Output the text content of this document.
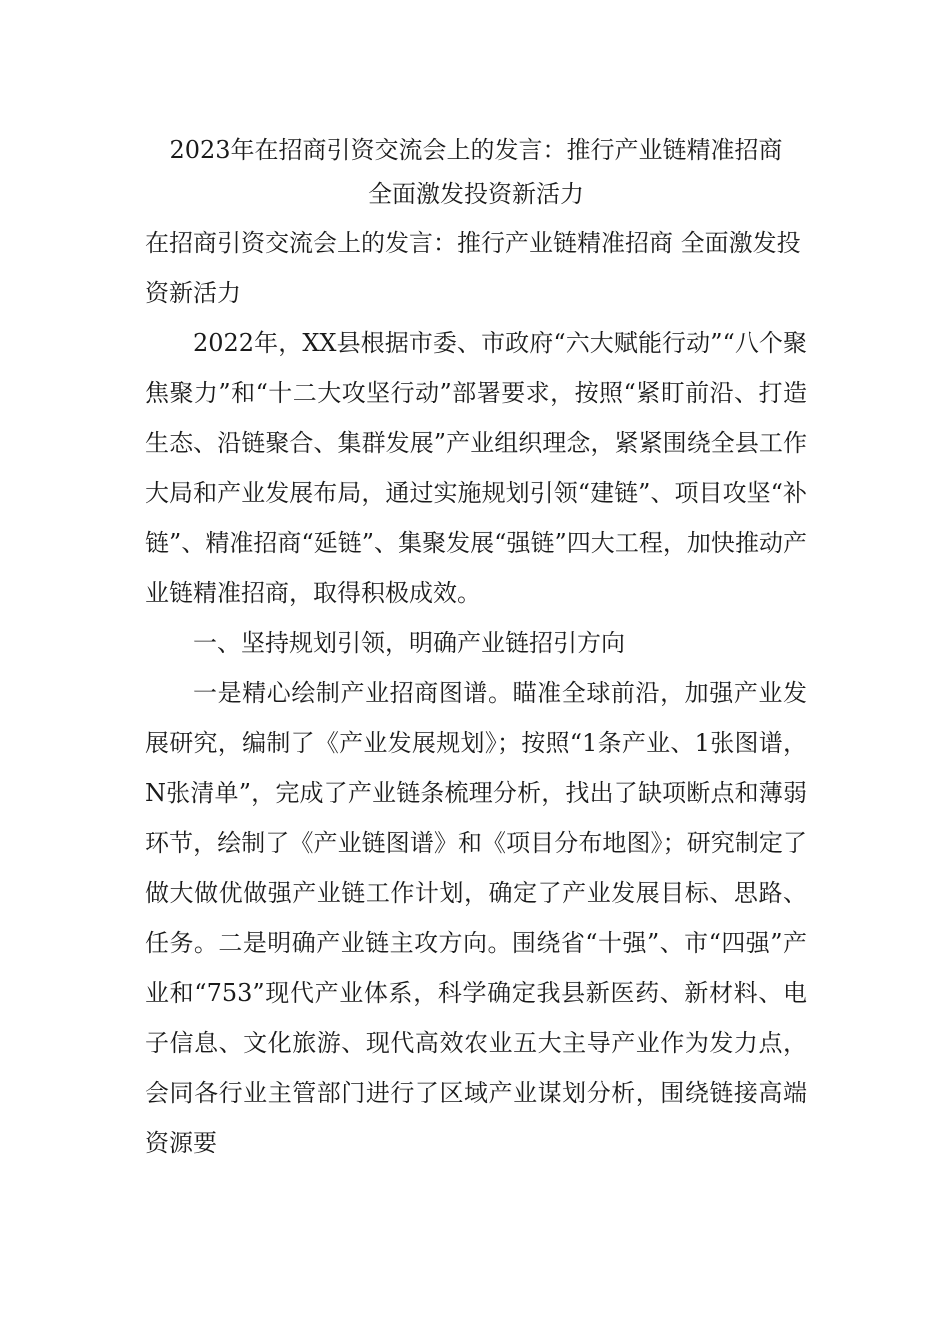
2023年在招商引资交流会上的发言：推行产业链精准招商
全面激发投资新活力

在招商引资交流会上的发言：推行产业链精准招商 全面激发投资新活力

2022年，XX县根据市委、市政府“六大赋能行动”“八个聚焦聚力”和“十二大攻坚行动”部署要求，按照“紧盯前沿、打造生态、沿链聚合、集群发展”产业组织理念，紧紧围绕全县工作大局和产业发展布局，通过实施规划引领“建链”、项目攻坚“补链”、精准招商“延链”、集聚发展“强链”四大工程，加快推动产业链精准招商，取得积极成效。

一、坚持规划引领，明确产业链招引方向

一是精心绘制产业招商图谱。瞄准全球前沿，加强产业发展研究，编制了《产业发展规划》；按照“1条产业、1张图谱，N张清单”，完成了产业链条梳理分析，找出了缺项断点和薄弱环节，绘制了《产业链图谱》和《项目分布地图》；研究制定了做大做优做强产业链工作计划，确定了产业发展目标、思路、任务。二是明确产业链主攻方向。围绕省“十强”、市“四强”产业和“753”现代产业体系，科学确定我县新医药、新材料、电子信息、文化旅游、现代高效农业五大主导产业作为发力点，会同各行业主管部门进行了区域产业谋划分析，围绕链接高端资源要
